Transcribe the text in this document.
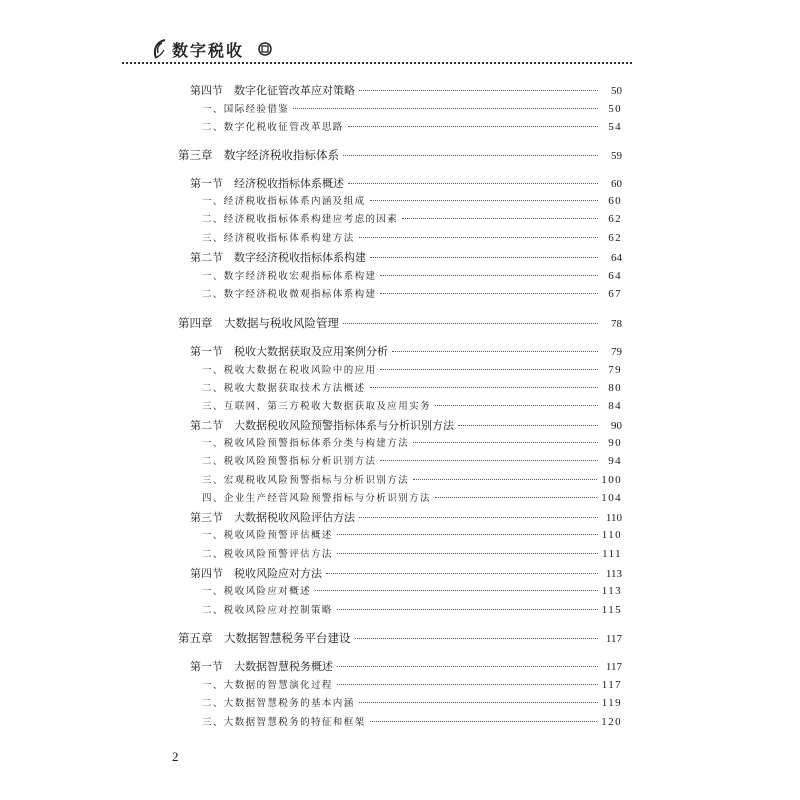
数字税收
第四节　数字化征管改革应对策略	50
一、国际经验借鉴	50
二、数字化税收征管改革思路	54
第三章　数字经济税收指标体系	59
第一节　经济税收指标体系概述	60
一、经济税收指标体系内涵及组成	60
二、经济税收指标体系构建应考虑的因素	62
三、经济税收指标体系构建方法	62
第二节　数字经济税收指标体系构建	64
一、数字经济税收宏观指标体系构建	64
二、数字经济税收微观指标体系构建	67
第四章　大数据与税收风险管理	78
第一节　税收大数据获取及应用案例分析	79
一、税收大数据在税收风险中的应用	79
二、税收大数据获取技术方法概述	80
三、互联网、第三方税收大数据获取及应用实务	84
第二节　大数据税收风险预警指标体系与分析识别方法	90
一、税收风险预警指标体系分类与构建方法	90
二、税收风险预警指标分析识别方法	94
三、宏观税收风险预警指标与分析识别方法	100
四、企业生产经营风险预警指标与分析识别方法	104
第三节　大数据税收风险评估方法	110
一、税收风险预警评估概述	110
二、税收风险预警评估方法	111
第四节　税收风险应对方法	113
一、税收风险应对概述	113
二、税收风险应对控制策略	115
第五章　大数据智慧税务平台建设	117
第一节　大数据智慧税务概述	117
一、大数据的智慧演化过程	117
二、大数据智慧税务的基本内涵	119
三、大数据智慧税务的特征和框架	120
2
